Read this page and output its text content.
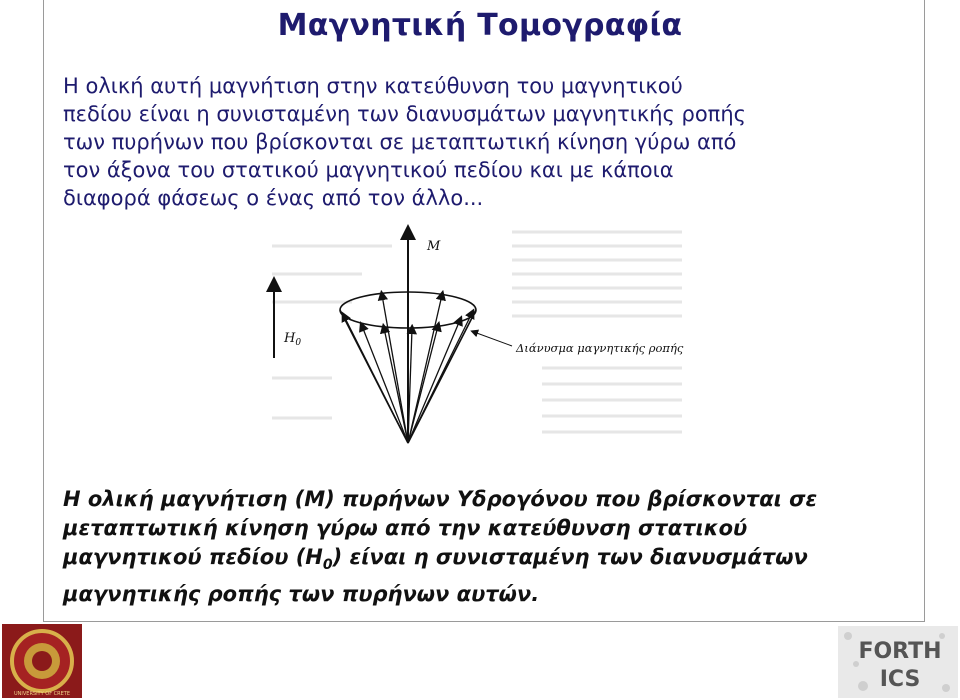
Μαγνητική Τομογραφία
Η ολική αυτή μαγνήτιση στην κατεύθυνση του μαγνητικού
πεδίου είναι η συνισταμένη των διανυσμάτων μαγνητικής ροπής
των πυρήνων που βρίσκονται σε μεταπτωτική κίνηση γύρω από
τον άξονα του στατικού μαγνητικού πεδίου και με κάποια
διαφορά φάσεως ο ένας από τον άλλο...
M
$H_0$	Διάνυσμα μαγνητικής ροπής
Η ολική μαγνήτιση (Μ) πυρήνων Υδρογόνου που βρίσκονται σε
μεταπτωτική κίνηση γύρω από την κατεύθυνση στατικού
μαγνητικού πεδίου $(H_0)$ είναι η συνισταμένη των διανυσμάτων
μαγνητικής ροπής των πυρήνων αυτών.
UNIVERSITY OF CRETE
FORTH
ICS
